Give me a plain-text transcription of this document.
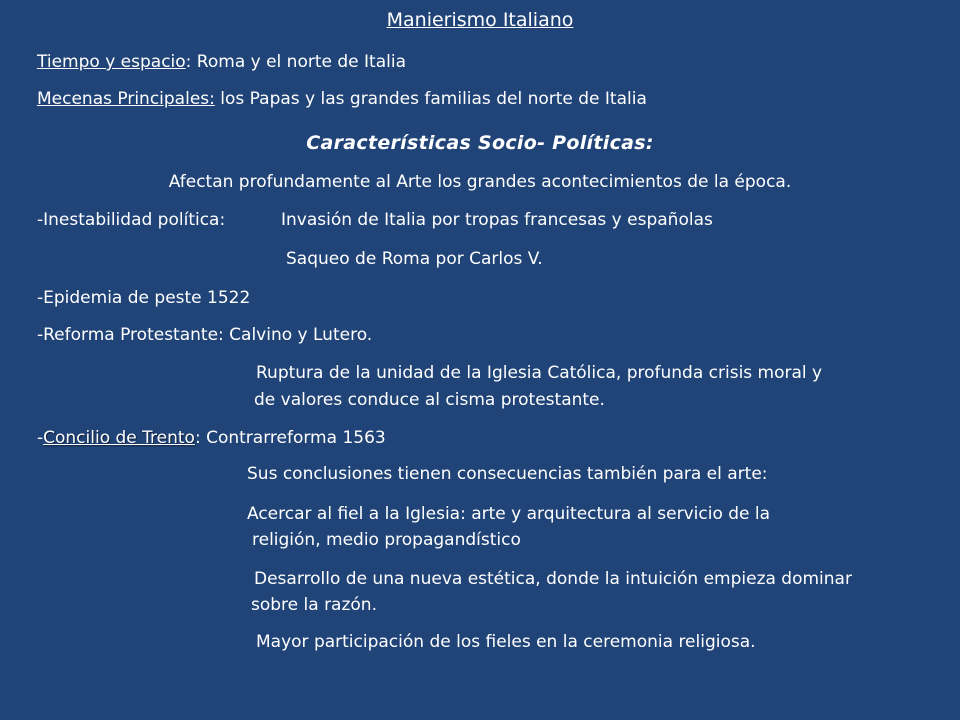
Manierismo Italiano
Tiempo y espacio: Roma y el norte de Italia
Mecenas Principales: los Papas y las grandes familias del norte de Italia
Características Socio- Políticas:
Afectan profundamente al Arte los grandes acontecimientos de la época.
-Inestabilidad política:	Invasión de Italia por tropas francesas y españolas
Saqueo de Roma por Carlos V.
-Epidemia de peste 1522
-Reforma Protestante: Calvino y Lutero.
Ruptura de la unidad de la Iglesia Católica, profunda crisis moral y
de valores conduce al cisma protestante.
-Concilio de Trento: Contrarreforma 1563
Sus conclusiones tienen consecuencias también para el arte:
Acercar al fiel a la Iglesia: arte y arquitectura al servicio de la
religión, medio propagandístico
Desarrollo de una nueva estética, donde la intuición empieza dominar
sobre la razón.
Mayor participación de los fieles en la ceremonia religiosa.
